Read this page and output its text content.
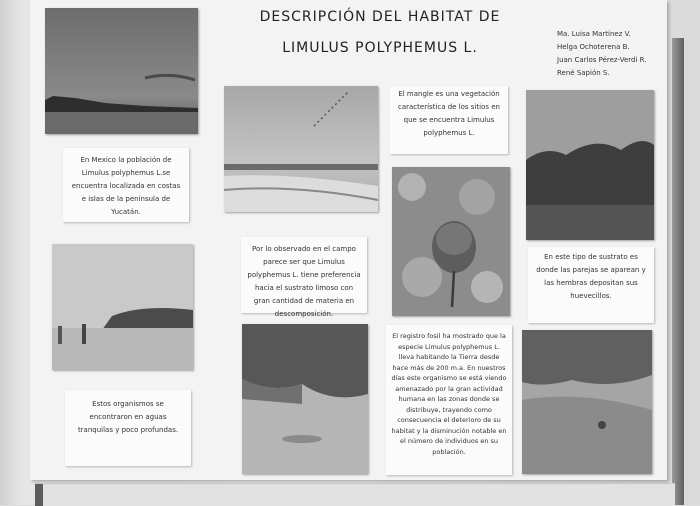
DESCRIPCIÓN DEL HABITAT DE
LIMULUS POLYPHEMUS L.
Ma. Luisa Martínez V.
Helga Ochoterena B.
Juan Carlos Pérez-Verdi R.
René Sapión S.
En Mexico la población de Limulus polyphemus L.se encuentra localizada en costas e islas de la península de Yucatán.
El mangle es una vegetación característica de los sitios en que se encuentra Limulus polyphemus L.
Por lo observado en el campo parece ser que Limulus polyphemus L. tiene preferencia hacia el sustrato limoso con gran cantidad de materia en descomposición.
En este tipo de sustrato es donde las parejas se aparean y las hembras depositan sus huevecillos.
Estos organismos se encontraron en aguas tranquilas y poco profundas.
El registro fosil ha mostrado que la especie Limulus polyphemus L. lleva habitando la Tierra desde hace más de 200 m.a. En nuestros días este organismo se está viendo amenazado por la gran actividad humana en las zonas donde se distribuye, trayendo como consecuencia el deterioro de su habitat y la disminución notable en el número de individuos en su población.
